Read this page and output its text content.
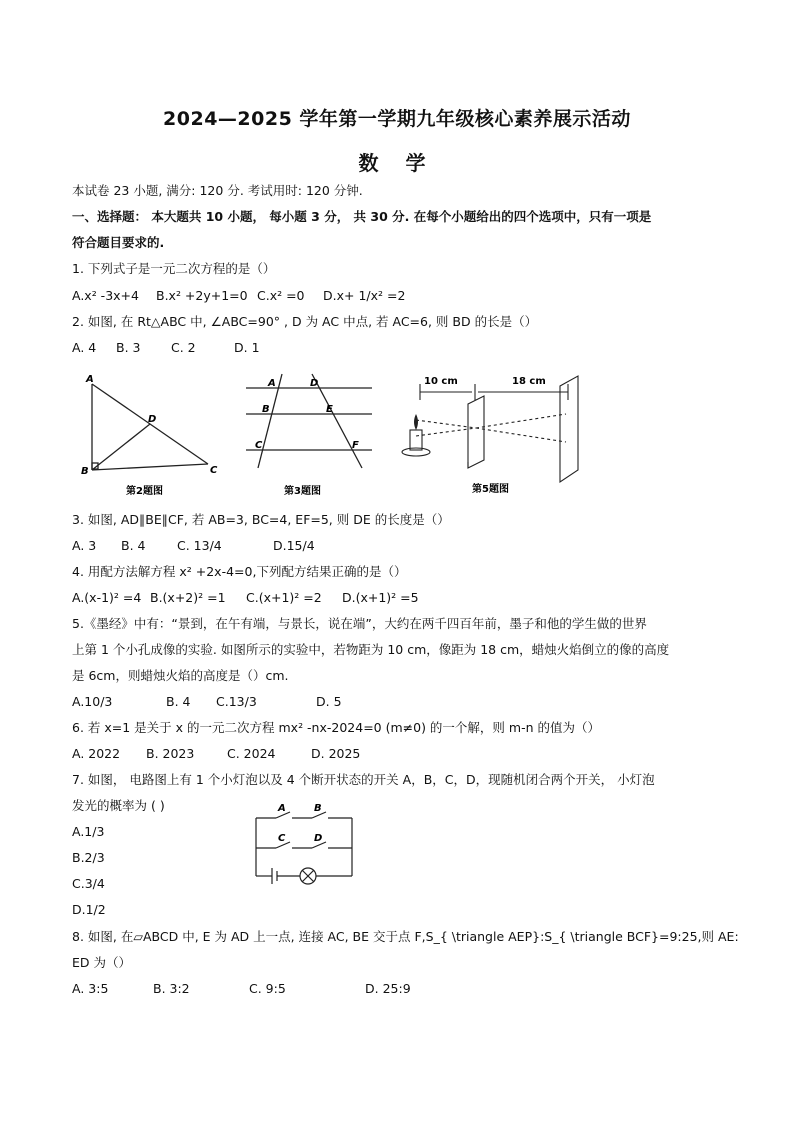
2024—2025 学年第一学期九年级核心素养展示活动
数 学
本试卷 23 小题, 满分: 120 分. 考试用时: 120 分钟.
一、选择题： 本大题共 10 小题， 每小题 3 分， 共 30 分. 在每个小题给出的四个选项中，只有一项是
符合题目要求的.
1. 下列式子是一元二次方程的是（）
A.x² -3x+4 B.x² +2y+1=0 C.x² =0 D.x+ 1/x² =2
2. 如图, 在 Rt△ABC 中, ∠ABC=90° , D 为 AC 中点, 若 AC=6, 则 BD 的长是（）
A. 4 B. 3 C. 2	D. 1
A
B	C
D
第2题图
A	D
B	E
C	F
第3题图
10 cm	18 cm
第5题图
3. 如图, AD∥BE∥CF, 若 AB=3, BC=4, EF=5, 则 DE 的长度是（）
A. 3 B. 4	C. 13/4	D.15/4
4. 用配方法解方程 x² +2x-4=0,下列配方结果正确的是（）
A.(x-1)² =4 B.(x+2)² =1 C.(x+1)² =2 D.(x+1)² =5
5.《墨经》中有：“景到，在午有端，与景长，说在端”，大约在两千四百年前，墨子和他的学生做的世界
上第 1 个小孔成像的实验. 如图所示的实验中，若物距为 10 cm，像距为 18 cm，蜡烛火焰倒立的像的高度
是 6cm，则蜡烛火焰的高度是（）cm.
A.10/3	B. 4 C.13/3	D. 5
6. 若 x=1 是关于 x 的一元二次方程 mx² -nx-2024=0 (m≠0) 的一个解，则 m-n 的值为（）
A. 2022 B. 2023	C. 2024	D. 2025
7. 如图， 电路图上有 1 个小灯泡以及 4 个断开状态的开关 A，B，C，D，现随机闭合两个开关， 小灯泡
发光的概率为 ( )
A.1/3
B.2/3
C.3/4
D.1/2
A	B
C	D
8. 如图, 在▱ABCD 中, E 为 AD 上一点, 连接 AC, BE 交于点 F,S_{ \triangle AEP}:S_{ \triangle BCF}=9:25,则 AE:
ED 为（）
A. 3:5	B. 3:2	C. 9:5	D. 25:9
